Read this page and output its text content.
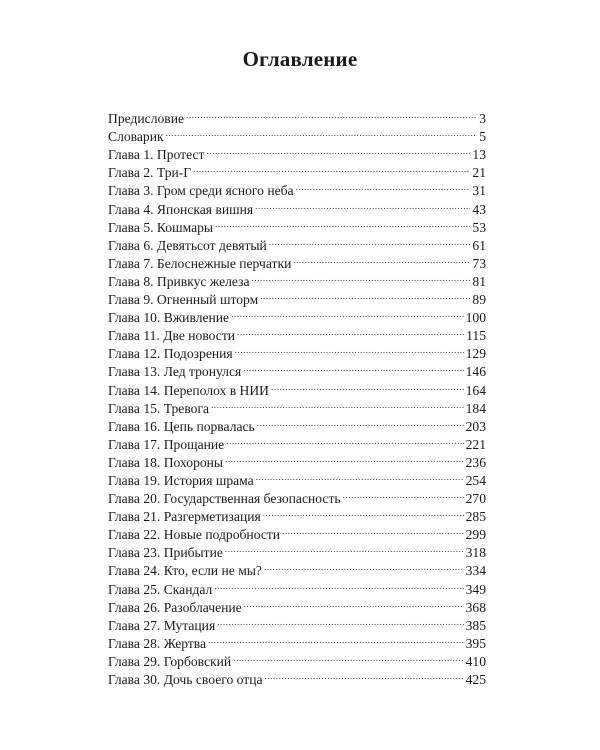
Оглавление
Предисловие .....	3
Словарик .....	5
Глава 1. Протест .....	13
Глава 2. Три-Г .....	21
Глава 3. Гром среди ясного неба .....	31
Глава 4. Японская вишня .....	43
Глава 5. Кошмары .....	53
Глава 6. Девятьсот девятый .....	61
Глава 7. Белоснежные перчатки .....	73
Глава 8. Привкус железа .....	81
Глава 9. Огненный шторм .....	89
Глава 10. Вживление .....	100
Глава 11. Две новости .....	115
Глава 12. Подозрения .....	129
Глава 13. Лед тронулся .....	146
Глава 14. Переполох в НИИ .....	164
Глава 15. Тревога .....	184
Глава 16. Цепь порвалась .....	203
Глава 17. Прощание .....	221
Глава 18. Похороны .....	236
Глава 19. История шрама .....	254
Глава 20. Государственная безопасность .....	270
Глава 21. Разгерметизация .....	285
Глава 22. Новые подробности .....	299
Глава 23. Прибытие .....	318
Глава 24. Кто, если не мы? .....	334
Глава 25. Скандал .....	349
Глава 26. Разоблачение .....	368
Глава 27. Мутация .....	385
Глава 28. Жертва .....	395
Глава 29. Горбовский .....	410
Глава 30. Дочь своего отца .....	425
